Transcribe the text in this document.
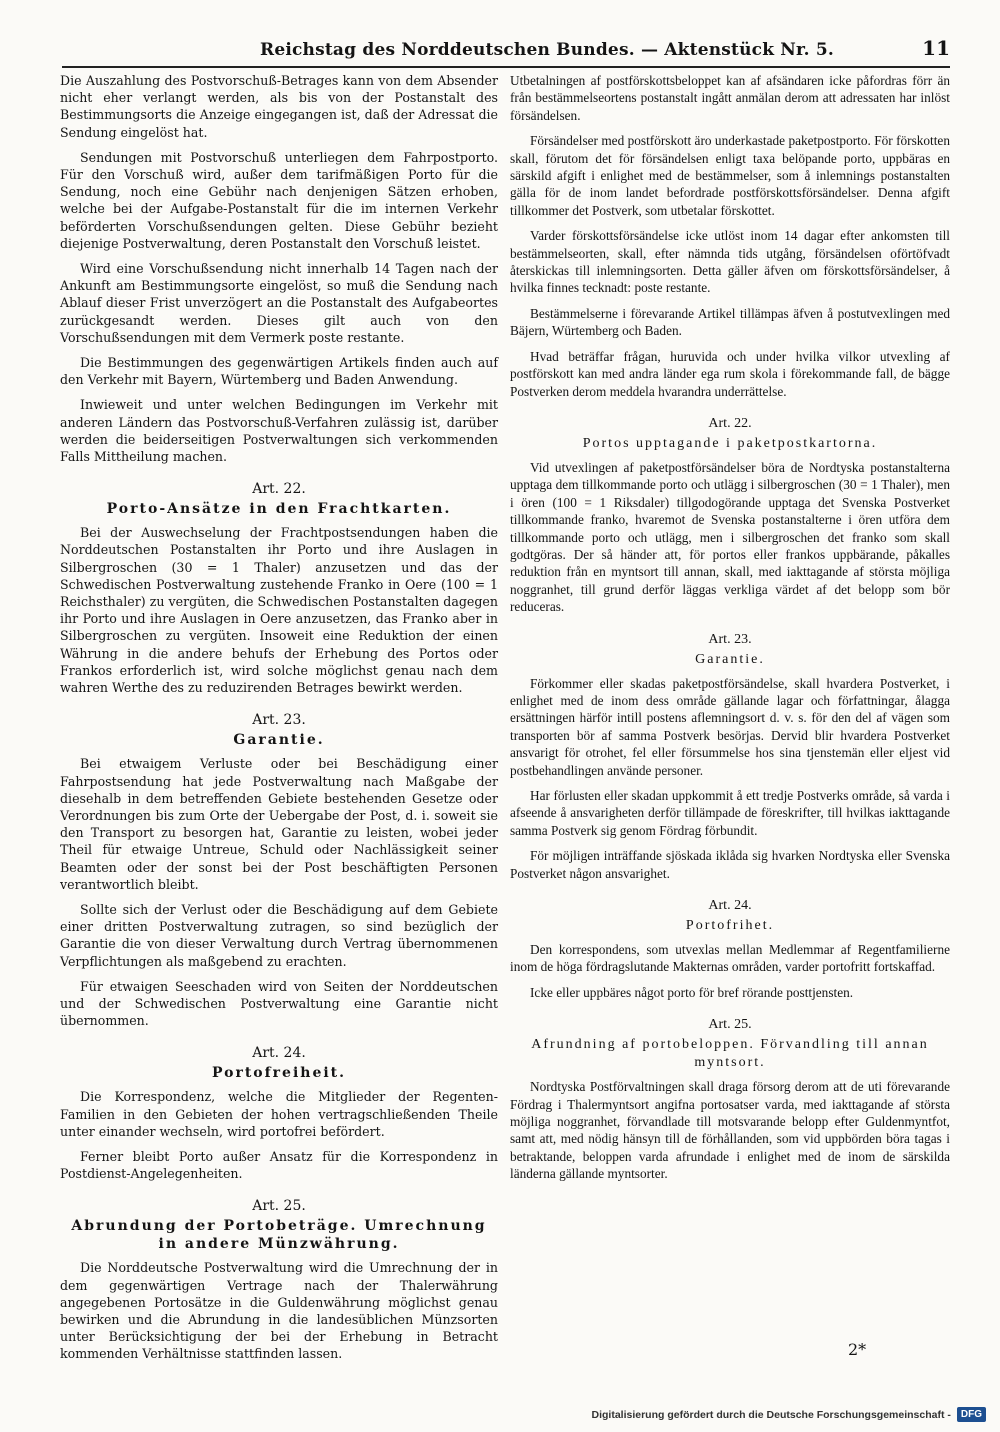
Reichstag des Norddeutschen Bundes. — Aktenstück Nr. 5.	11

Die Auszahlung des Postvorschuß-Betrages kann von dem Absender nicht eher verlangt werden, als bis von der Postanstalt des Bestimmungsorts die Anzeige eingegangen ist, daß der Adressat die Sendung eingelöst hat.

Sendungen mit Postvorschuß unterliegen dem Fahrpostporto. Für den Vorschuß wird, außer dem tarifmäßigen Porto für die Sendung, noch eine Gebühr nach denjenigen Sätzen erhoben, welche bei der Aufgabe-Postanstalt für die im internen Verkehr beförderten Vorschußsendungen gelten. Diese Gebühr bezieht diejenige Postverwaltung, deren Postanstalt den Vorschuß leistet.

Wird eine Vorschußsendung nicht innerhalb 14 Tagen nach der Ankunft am Bestimmungsorte eingelöst, so muß die Sendung nach Ablauf dieser Frist unverzögert an die Postanstalt des Aufgabeortes zurückgesandt werden. Dieses gilt auch von den Vorschußsendungen mit dem Vermerk poste restante.

Die Bestimmungen des gegenwärtigen Artikels finden auch auf den Verkehr mit Bayern, Würtemberg und Baden Anwendung.

Inwieweit und unter welchen Bedingungen im Verkehr mit anderen Ländern das Postvorschuß-Verfahren zulässig ist, darüber werden die beiderseitigen Postverwaltungen sich verkommenden Falls Mittheilung machen.

Art. 22.
Porto-Ansätze in den Frachtkarten.

Bei der Auswechselung der Frachtpostsendungen haben die Norddeutschen Postanstalten ihr Porto und ihre Auslagen in Silbergroschen (30 = 1 Thaler) anzusetzen und das der Schwedischen Postverwaltung zustehende Franko in Oere (100 = 1 Reichsthaler) zu vergüten, die Schwedischen Postanstalten dagegen ihr Porto und ihre Auslagen in Oere anzusetzen, das Franko aber in Silbergroschen zu vergüten. Insoweit eine Reduktion der einen Währung in die andere behufs der Erhebung des Portos oder Frankos erforderlich ist, wird solche möglichst genau nach dem wahren Werthe des zu reduzirenden Betrages bewirkt werden.

Art. 23.
Garantie.

Bei etwaigem Verluste oder bei Beschädigung einer Fahrpostsendung hat jede Postverwaltung nach Maßgabe der diesehalb in dem betreffenden Gebiete bestehenden Gesetze oder Verordnungen bis zum Orte der Uebergabe der Post, d. i. soweit sie den Transport zu besorgen hat, Garantie zu leisten, wobei jeder Theil für etwaige Untreue, Schuld oder Nachlässigkeit seiner Beamten oder der sonst bei der Post beschäftigten Personen verantwortlich bleibt.

Sollte sich der Verlust oder die Beschädigung auf dem Gebiete einer dritten Postverwaltung zutragen, so sind bezüglich der Garantie die von dieser Verwaltung durch Vertrag übernommenen Verpflichtungen als maßgebend zu erachten.

Für etwaigen Seeschaden wird von Seiten der Norddeutschen und der Schwedischen Postverwaltung eine Garantie nicht übernommen.

Art. 24.
Portofreiheit.

Die Korrespondenz, welche die Mitglieder der Regenten-Familien in den Gebieten der hohen vertragschließenden Theile unter einander wechseln, wird portofrei befördert.

Ferner bleibt Porto außer Ansatz für die Korrespondenz in Postdienst-Angelegenheiten.

Art. 25.
Abrundung der Portobeträge. Umrechnung in andere Münzwährung.

Die Norddeutsche Postverwaltung wird die Umrechnung der in dem gegenwärtigen Vertrage nach der Thalerwährung angegebenen Portosätze in die Guldenwährung möglichst genau bewirken und die Abrundung in die landesüblichen Münzsorten unter Berücksichtigung der bei der Erhebung in Betracht kommenden Verhältnisse stattfinden lassen.

Utbetalningen af postförskottsbeloppet kan af afsändaren icke påfordras förr än från bestämmelseortens postanstalt ingått anmälan derom att adressaten har inlöst försändelsen.

Försändelser med postförskott äro underkastade paketpostporto. För förskotten skall, förutom det för försändelsen enligt taxa belöpande porto, uppbäras en särskild afgift i enlighet med de bestämmelser, som å inlemnings postanstalten gälla för de inom landet befordrade postförskottsförsändelser. Denna afgift tillkommer det Postverk, som utbetalar förskottet.

Varder förskottsförsändelse icke utlöst inom 14 dagar efter ankomsten till bestämmelseorten, skall, efter nämnda tids utgång, försändelsen oförtöfvadt återskickas till inlemningsorten. Detta gäller äfven om förskottsförsändelser, å hvilka finnes tecknadt: poste restante.

Bestämmelserne i förevarande Artikel tillämpas äfven å postutvexlingen med Bäjern, Würtemberg och Baden.

Hvad beträffar frågan, huruvida och under hvilka vilkor utvexling af postförskott kan med andra länder ega rum skola i förekommande fall, de bägge Postverken derom meddela hvarandra underrättelse.

Art. 22.
Portos upptagande i paketpostkartorna.

Vid utvexlingen af paketpostförsändelser böra de Nordtyska postanstalterna upptaga dem tillkommande porto och utlägg i silbergroschen (30 = 1 Thaler), men i ören (100 = 1 Riksdaler) tillgodogörande upptaga det Svenska Postverket tillkommande franko, hvaremot de Svenska postanstalterne i ören utföra dem tillkommande porto och utlägg, men i silbergroschen det franko som skall godtgöras. Der så händer att, för portos eller frankos uppbärande, påkalles reduktion från en myntsort till annan, skall, med iakttagande af största möjliga noggranhet, till grund derför läggas verkliga värdet af det belopp som bör reduceras.

Art. 23.
Garantie.

Förkommer eller skadas paketpostförsändelse, skall hvardera Postverket, i enlighet med de inom dess område gällande lagar och författningar, ålagga ersättningen härför intill postens aflemningsort d. v. s. för den del af vägen som transporten bör af samma Postverk besörjas. Dervid blir hvardera Postverket ansvarigt för otrohet, fel eller försummelse hos sina tjenstemän eller eljest vid postbehandlingen använde personer.

Har förlusten eller skadan uppkommit å ett tredje Postverks område, så varda i afseende å ansvarigheten derför tillämpade de föreskrifter, till hvilkas iakttagande samma Postverk sig genom Fördrag förbundit.

För möjligen inträffande sjöskada iklåda sig hvarken Nordtyska eller Svenska Postverket någon ansvarighet.

Art. 24.
Portofrihet.

Den korrespondens, som utvexlas mellan Medlemmar af Regentfamilierne inom de höga fördragslutande Makternas områden, varder portofritt fortskaffad.

Icke eller uppbäres något porto för bref rörande posttjensten.

Art. 25.
Afrundning af portobeloppen. Förvandling till annan myntsort.

Nordtyska Postförvaltningen skall draga försorg derom att de uti förevarande Fördrag i Thalermyntsort angifna portosatser varda, med iakttagande af största möjliga noggranhet, förvandlade till motsvarande belopp efter Guldenmyntfot, samt att, med nödig hänsyn till de förhållanden, som vid uppbörden böra tagas i betraktande, beloppen varda afrundade i enlighet med de inom de särskilda länderna gällande myntsorter.

2*
Digitalisierung gefördert durch die Deutsche Forschungsgemeinschaft -	DFG
